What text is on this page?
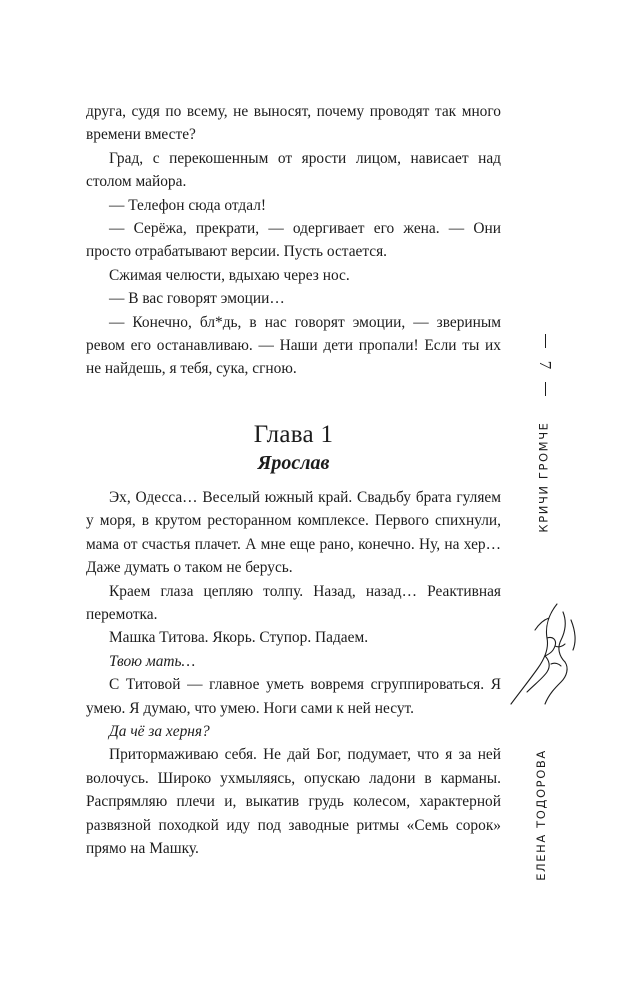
друга, судя по всему, не выносят, почему проводят так много времени вместе?

Град, с перекошенным от ярости лицом, нависает над столом майора.

— Телефон сюда отдал!

— Серёжа, прекрати, — одергивает его жена. — Они просто отрабатывают версии. Пусть остается.

Сжимая челюсти, вдыхаю через нос.

— В вас говорят эмоции…

— Конечно, бл*дь, в нас говорят эмоции, — звериным ревом его останавливаю. — Наши дети пропали! Если ты их не найдешь, я тебя, сука, сгною.

Глава 1
Ярослав

Эх, Одесса… Веселый южный край. Свадьбу брата гуляем у моря, в крутом ресторанном комплексе. Первого спихнули, мама от счастья плачет. А мне еще рано, конечно. Ну, на хер… Даже думать о таком не берусь.

Краем глаза цепляю толпу. Назад, назад… Реактивная перемотка.

Машка Титова. Якорь. Ступор. Падаем.

Твою мать…

С Титовой — главное уметь вовремя сгруппироваться. Я умею. Я думаю, что умею. Ноги сами к ней несут.

Да чё за херня?

Притормаживаю себя. Не дай Бог, подумает, что я за ней волочусь. Широко ухмыляясь, опускаю ладони в карманы. Распрямляю плечи и, выкатив грудь колесом, характерной развязной походкой иду под заводные ритмы «Семь сорок» прямо на Машку.

7
КРИЧИ ГРОМЧЕ
ЕЛЕНА ТОДОРОВА
